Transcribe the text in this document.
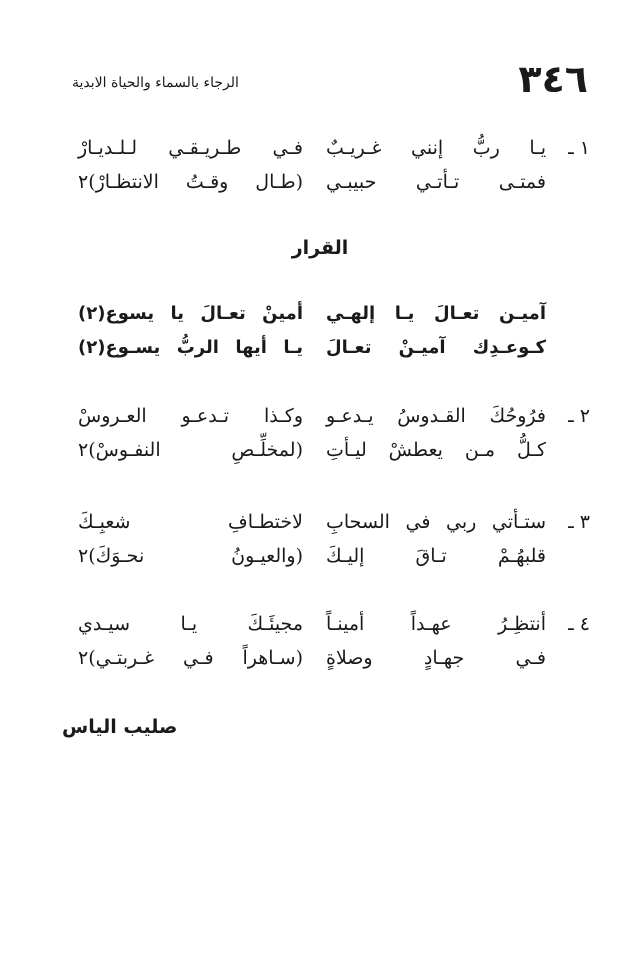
٣٤٦
الرجاء بالسماء والحياة الابدية
١ ـ
يـا ربُّ إنني غـريـبٌ
فـي طـريـقـي لـلـديـارْ
فمتـى تـأتـي حبيبـي
(طـال وقـتُ الانتظـارْ)٢
القرار
آميـن تعـالَ يـا إلهـي
أمينْ تعـالَ يا يسوع(٢)
كـوعـدِك آميـنْ تعـالَ
يـا أيها الربُّ يسـوع(٢)
٢ ـ
فرُوحُكَ القـدوسُ يـدعـو
وكـذا تـدعـو العـروسْ
كـلُّ مـن يعطشْ ليـأتِ
(لمخلِّـصِ النفـوسْ)٢
٣ ـ
ستـأتي ربي في السحابِ
لاختطـافِ شعبِـكَ
قلبهُـمْ تـاقَ إليـكَ
(والعيـونُ نحـوَكَ)٢
٤ ـ
أنتظِـرُ عهـداً أمينـاً
مجيئَـكَ يـا سيـدي
فـي جهـادٍ وصلاةٍ
(سـاهراً فـي غـربتـي)٢
صليب الياس
